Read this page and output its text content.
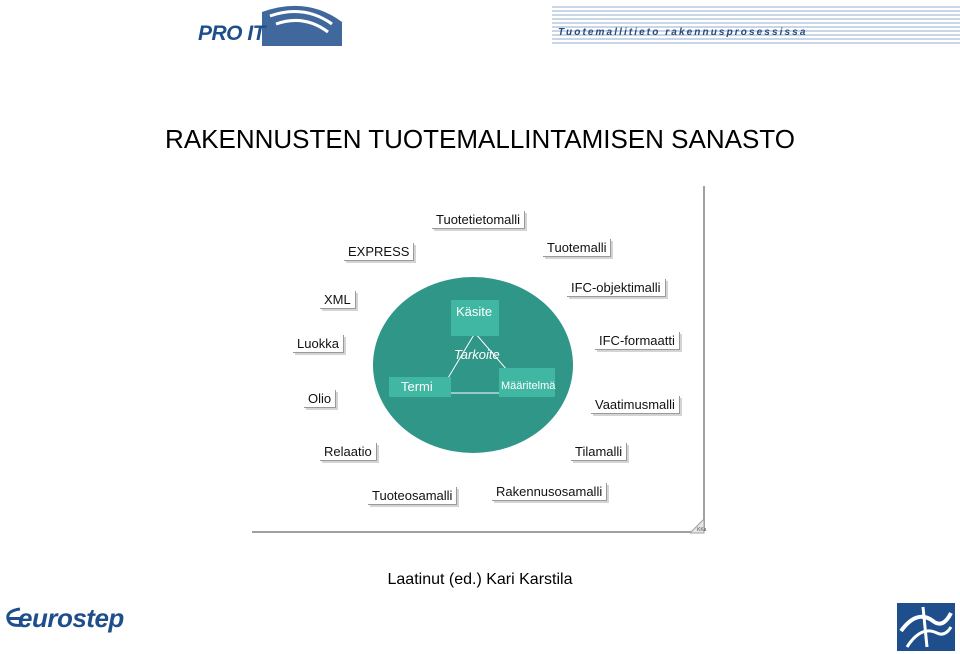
PRO IT	Tuotemallitieto rakennusprosessissa
RAKENNUSTEN TUOTEMALLINTAMISEN SANASTO
KKa
Tuotetietomalli
EXPRESS	Tuotemalli
XML
IFC-objektimalli
Luokka	IFC-formaatti
Olio	Vaatimusmalli
Relaatio	Tilamalli
Tuoteosamalli	Rakennusosamalli
Käsite
Termi	Määritelmä
Tarkoite
Laatinut (ed.) Kari Karstila
eurostep
